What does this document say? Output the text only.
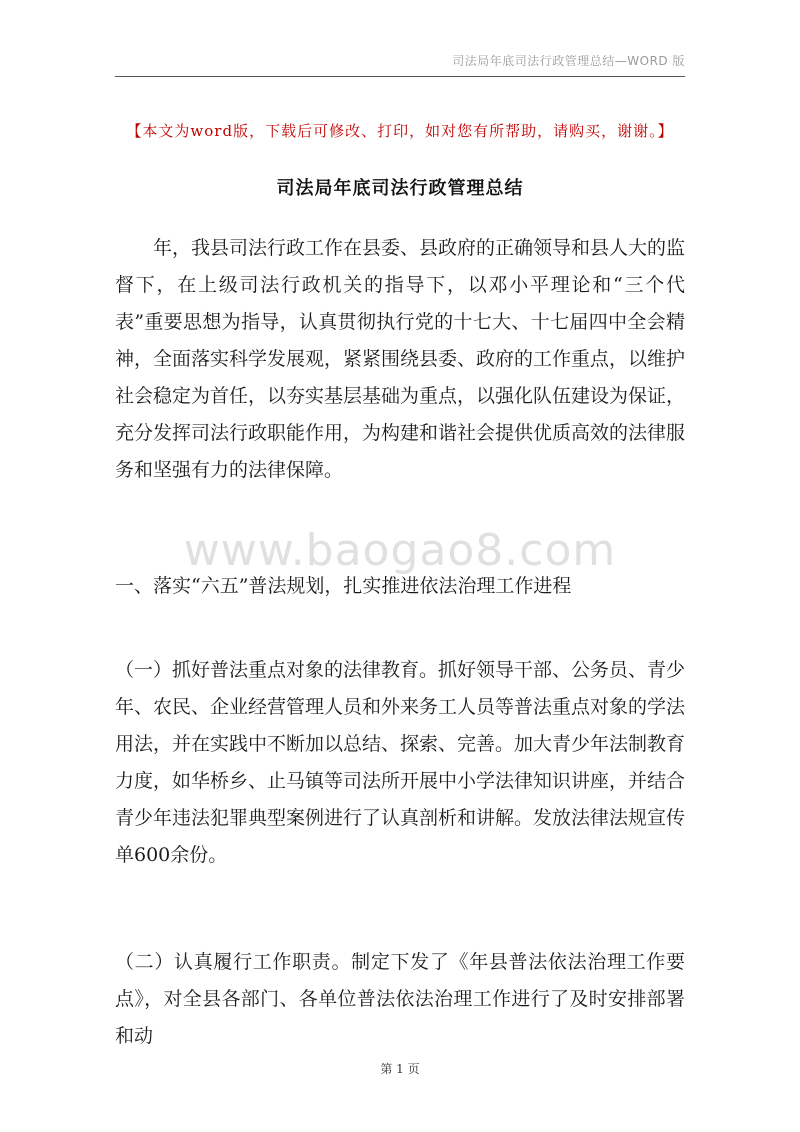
司法局年底司法行政管理总结—WORD 版
【本文为word版，下载后可修改、打印，如对您有所帮助，请购买，谢谢。】
司法局年底司法行政管理总结

年，我县司法行政工作在县委、县政府的正确领导和县人大的监督下，在上级司法行政机关的指导下，以邓小平理论和“三个代表”重要思想为指导，认真贯彻执行党的十七大、十七届四中全会精神，全面落实科学发展观，紧紧围绕县委、政府的工作重点，以维护社会稳定为首任，以夯实基层基础为重点，以强化队伍建设为保证，充分发挥司法行政职能作用，为构建和谐社会提供优质高效的法律服务和坚强有力的法律保障。

www.baogao8.com

一、落实“六五”普法规划，扎实推进依法治理工作进程

（一）抓好普法重点对象的法律教育。抓好领导干部、公务员、青少年、农民、企业经营管理人员和外来务工人员等普法重点对象的学法用法，并在实践中不断加以总结、探索、完善。加大青少年法制教育力度，如华桥乡、止马镇等司法所开展中小学法律知识讲座，并结合青少年违法犯罪典型案例进行了认真剖析和讲解。发放法律法规宣传单600余份。

（二）认真履行工作职责。制定下发了《年县普法依法治理工作要点》，对全县各部门、各单位普法依法治理工作进行了及时安排部署和动

第 1 页
